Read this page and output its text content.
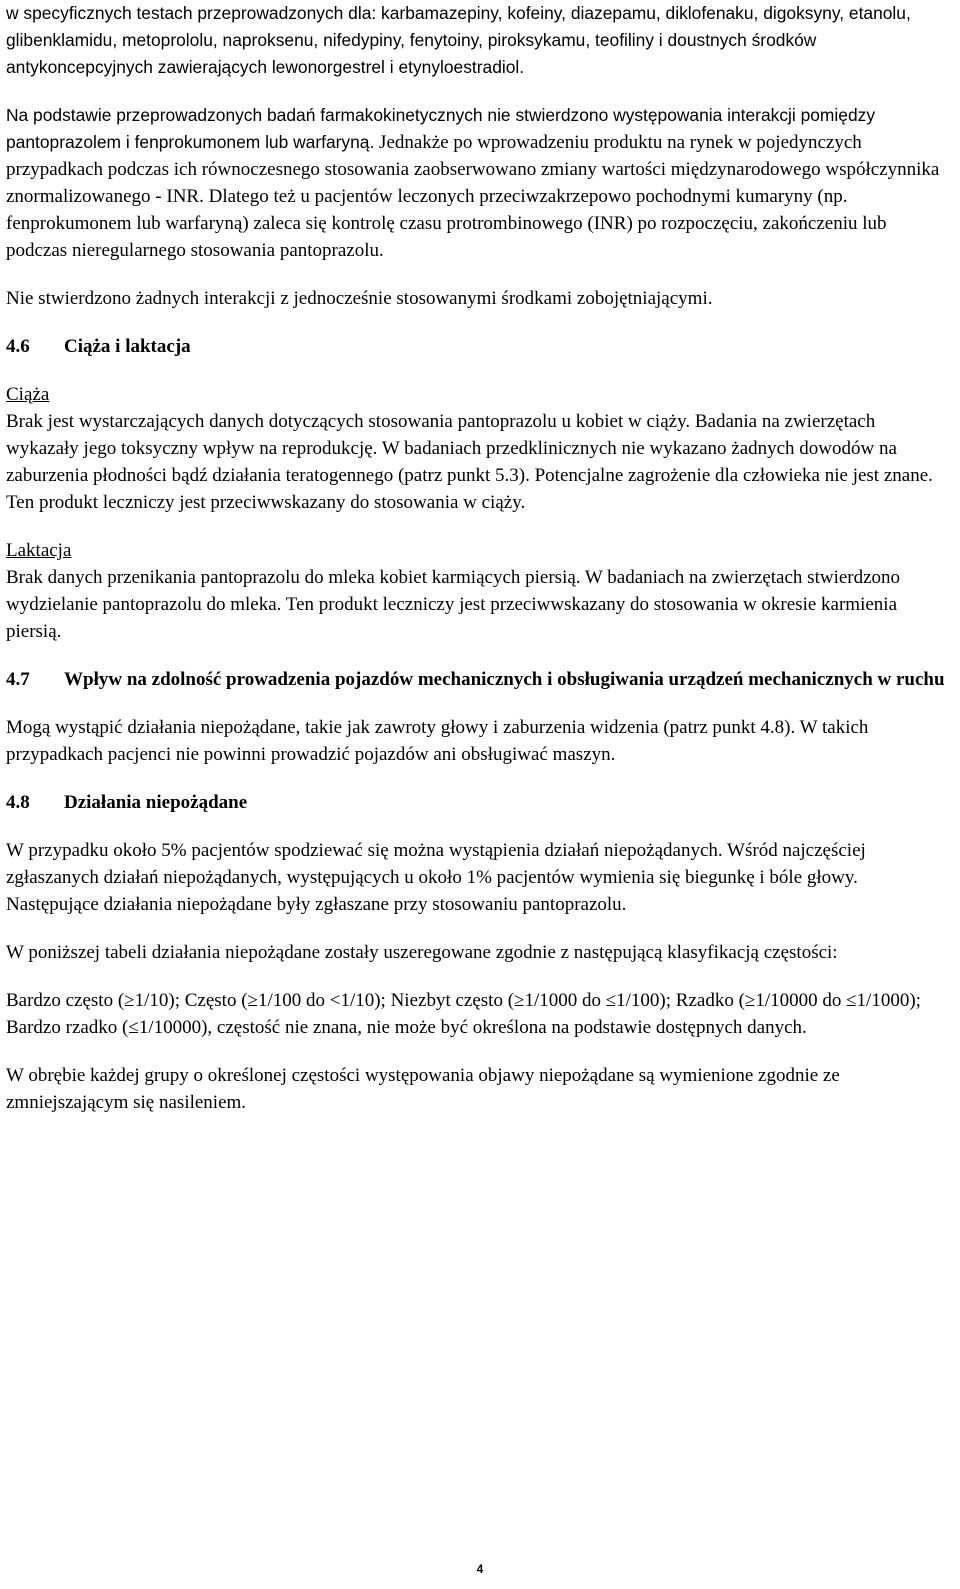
w specyficznych testach przeprowadzonych dla: karbamazepiny, kofeiny, diazepamu, diklofenaku, digoksyny, etanolu, glibenklamidu, metoprololu, naproksenu, nifedypiny, fenytoiny, piroksykamu, teofiliny i doustnych środków antykoncepcyjnych zawierających lewonorgestrel i etynyloestradiol.

Na podstawie przeprowadzonych badań farmakokinetycznych nie stwierdzono występowania interakcji pomiędzy pantoprazolem i fenprokumonem lub warfaryną. Jednakże po wprowadzeniu produktu na rynek w pojedynczych przypadkach podczas ich równoczesnego stosowania zaobserwowano zmiany wartości międzynarodowego współczynnika znormalizowanego - INR. Dlatego też u pacjentów leczonych przeciwzakrzepowo pochodnymi kumaryny (np. fenprokumonem lub warfaryną) zaleca się kontrolę czasu protrombinowego (INR) po rozpoczęciu, zakończeniu lub podczas nieregularnego stosowania pantoprazolu.

Nie stwierdzono żadnych interakcji z jednocześnie stosowanymi środkami zobojętniającymi.

4.6	Ciąża i laktacja

Ciąża

Brak jest wystarczających danych dotyczących stosowania pantoprazolu u kobiet w ciąży. Badania na zwierzętach wykazały jego toksyczny wpływ na reprodukcję. W badaniach przedklinicznych nie wykazano żadnych dowodów na zaburzenia płodności bądź działania teratogennego (patrz punkt 5.3). Potencjalne zagrożenie dla człowieka nie jest znane. Ten produkt leczniczy jest przeciwwskazany do stosowania w ciąży.

Laktacja

Brak danych przenikania pantoprazolu do mleka kobiet karmiących piersią. W badaniach na zwierzętach stwierdzono wydzielanie pantoprazolu do mleka. Ten produkt leczniczy jest przeciwwskazany do stosowania w okresie karmienia piersią.

4.7	Wpływ na zdolność prowadzenia pojazdów mechanicznych i obsługiwania urządzeń mechanicznych w ruchu

Mogą wystąpić działania niepożądane, takie jak zawroty głowy i zaburzenia widzenia (patrz punkt 4.8). W takich przypadkach pacjenci nie powinni prowadzić pojazdów ani obsługiwać maszyn.

4.8	Działania niepożądane

W przypadku około 5% pacjentów spodziewać się można wystąpienia działań niepożądanych. Wśród najczęściej zgłaszanych działań niepożądanych, występujących u około 1% pacjentów wymienia się biegunkę i bóle głowy. Następujące działania niepożądane były zgłaszane przy stosowaniu pantoprazolu.

W poniższej tabeli działania niepożądane zostały uszeregowane zgodnie z następującą klasyfikacją częstości:

Bardzo często (≥1/10); Często (≥1/100 do <1/10); Niezbyt często (≥1/1000 do ≤1/100); Rzadko (≥1/10000 do ≤1/1000); Bardzo rzadko (≤1/10000), częstość nie znana, nie może być określona na podstawie dostępnych danych.

W obrębie każdej grupy o określonej częstości występowania objawy niepożądane są wymienione zgodnie ze zmniejszającym się nasileniem.

4
